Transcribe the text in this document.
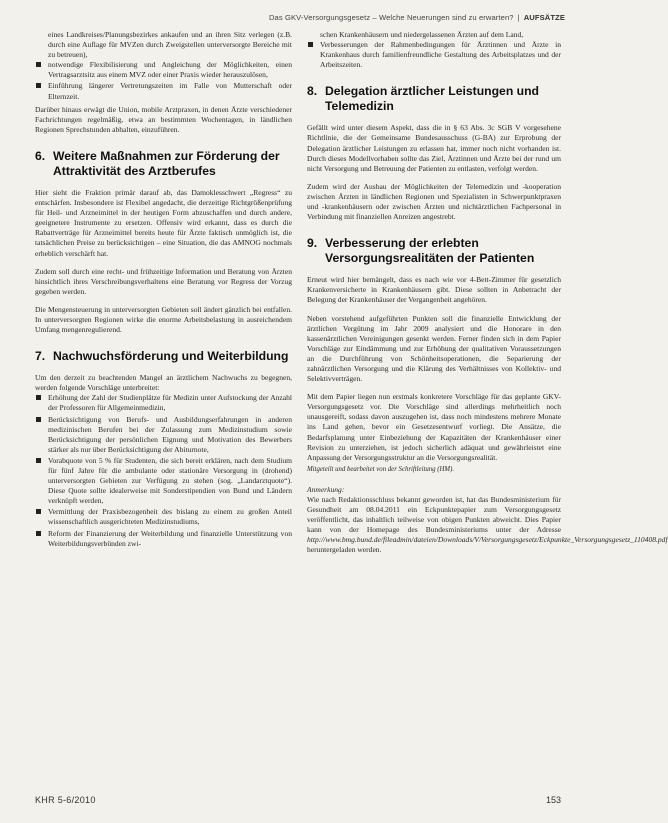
Das GKV-Versorgungsgesetz – Welche Neuerungen sind zu erwarten? | AUFSÄTZE

eines Landkreises/Planungsbezirkes ankaufen und an ihren Sitz verlegen (z.B. durch eine Auflage für MVZen durch Zweigstellen unterversorgte Bereiche mit zu betreuen),

notwendige Flexibilisierung und Angleichung der Möglichkeiten, einen Vertragsarztsitz aus einem MVZ oder einer Praxis wieder herauszulösen,
Einführung längerer Vertretungszeiten im Falle von Mutterschaft oder Elternzeit.

Darüber hinaus erwägt die Union, mobile Arztpraxen, in denen Ärzte verschiedener Fachrichtungen regelmäßig, etwa an bestimmten Wochentagen, in ländlichen Regionen Sprechstunden abhalten, einzuführen.

6. Weitere Maßnahmen zur Förderung der Attraktivität des Arztberufes

Hier sieht die Fraktion primär darauf ab, das Damoklesschwert „Regress“ zu entschärfen. Insbesondere ist Flexibel angedacht, die derzeitige Richtgrößenprüfung für Heil- und Arzneimittel in der heutigen Form abzuschaffen und durch andere, geeignetere Instrumente zu ersetzen. Offensiv wird erkannt, dass es durch die Rabattverträge für Arzneimittel bereits heute für Ärzte faktisch unmöglich ist, die tatsächlichen Preise zu berücksichtigen – eine Situation, die das AMNOG nochmals erheblich verschärft hat.

Zudem soll durch eine recht- und frühzeitige Information und Beratung von Ärzten hinsichtlich ihres Verschreibungsverhaltens eine Beratung vor Regress der Vorzug gegeben werden.

Die Mengensteuerung in unterversorgten Gebieten soll ändert gänzlich bei entfallen. In unterversorgten Regionen wirke die enorme Arbeitsbelastung in ausreichendem Umfang mengenregulierend.

7. Nachwuchsförderung und Weiterbildung

Um den derzeit zu beachtenden Mangel an ärztlichem Nachwuchs zu begegnen, werden folgende Vorschläge unterbreitet:

Erhöhung der Zahl der Studienplätze für Medizin unter Aufstockung der Anzahl der Professoren für Allgemeinmedizin,
Berücksichtigung von Berufs- und Ausbildungserfahrungen in anderen medizinischen Berufen bei der Zulassung zum Medizinstudium sowie Berücksichtigung der persönlichen Eignung und Motivation des Bewerbers stärker als nur über Berücksichtigung der Abiturnote,
Vorabquote von 5 % für Studenten, die sich bereit erklären, nach dem Studium für fünf Jahre für die ambulante oder stationäre Versorgung in (drohend) unterversorgten Gebieten zur Verfügung zu stehen (sog. „Landarztquote“). Diese Quote sollte idealerweise mit Sonderstipendien von Bund und Ländern verknüpft werden,
Vermittlung der Praxisbezogenheit des bislang zu einem zu großen Anteil wissenschaftlich ausgerichteten Medizinstudiums,
Reform der Finanzierung der Weiterbildung und finanzielle Unterstützung von Weiterbildungsverbünden zwi-

schen Krankenhäusern und niedergelassenen Ärzten auf dem Land,

Verbesserungen der Rahmenbedingungen für Ärztinnen und Ärzte in Krankenhaus durch familienfreundliche Gestaltung des Arbeitsplatzes und der Arbeitszeiten.
8. Delegation ärztlicher Leistungen und Telemedizin

Gefällt wird unter diesem Aspekt, dass die in § 63 Abs. 3c SGB V vorgesehene Richtlinie, die der Gemeinsame Bundesausschuss (G-BA) zur Erprobung der Delegation ärztlicher Leistungen zu erlassen hat, immer noch nicht vorhanden ist. Durch dieses Modellvorhaben sollte das Ziel, Ärztinnen und Ärzte bei der rund um nicht Versorgung und Betreuung der Patienten zu entlasten, verfolgt werden.

Zudem wird der Ausbau der Möglichkeiten der Telemedizin und -kooperation zwischen Ärzten in ländlichen Regionen und Spezialisten in Schwerpunktpraxen und -krankenhäusern oder zwischen Ärzten und nichtärztlichen Fachpersonal in Verbindung mit finanziellen Anreizen angestrebt.

9. Verbesserung der erlebten Versorgungsrealitäten der Patienten

Erneut wird hier bemängelt, dass es nach wie vor 4-Bett-Zimmer für gesetzlich Krankenversicherte in Krankenhäusern gibt. Diese sollten in Anbetracht der Belegung der Krankenhäuser der Vergangenheit angehören.

Neben vorstehend aufgeführten Punkten soll die finanzielle Entwicklung der ärztlichen Vergütung im Jahr 2009 analysiert und die Honorare in den kassenärztlichen Vereinigungen gesenkt werden. Ferner finden sich in dem Papier Vorschläge zur Eindämmung und zur Erhöhung der qualitativen Voraussetzungen an die Durchführung von Schönheitsoperationen, die Separierung der zahnärztlichen Versorgung und die Klärung des Verhältnisses von Kollektiv- und Selektivverträgen.

Mit dem Papier liegen nun erstmals konkretere Vorschläge für das geplante GKV-Versorgungsgesetz vor. Die Vorschläge sind allerdings mehrheitlich noch unausgereift, sodass davon auszugehen ist, dass noch mindestens mehrere Monate ins Land gehen, bevor ein Gesetzesentwurf vorliegt. Die Ansätze, die Bedarfsplanung unter Einbeziehung der Kapazitäten der Krankenhäuser einer Revision zu unterziehen, ist jedoch sicherlich adäquat und gewährleistet eine Anpassung der Versorgungsstruktur an die Versorgungsrealität.

Mitgeteilt und bearbeitet von der Schriftleitung (HM).

Anmerkung:

Wie nach Redaktionsschluss bekannt geworden ist, hat das Bundesministerium für Gesundheit am 08.04.2011 ein Eckpunktepapier zum Versorgungsgesetz veröffentlicht, das inhaltlich teilweise von obigen Punkten abweicht. Dies Papier kann von der Homepage des Bundesministeriums unter der Adresse http://www.bmg.bund.de/fileadmin/dateien/Downloads/V/Versorgungsgesetz/Eckpunkte_Versorgungsgesetz_110408.pdf heruntergeladen werden.

KHR 5-6/2010	153
